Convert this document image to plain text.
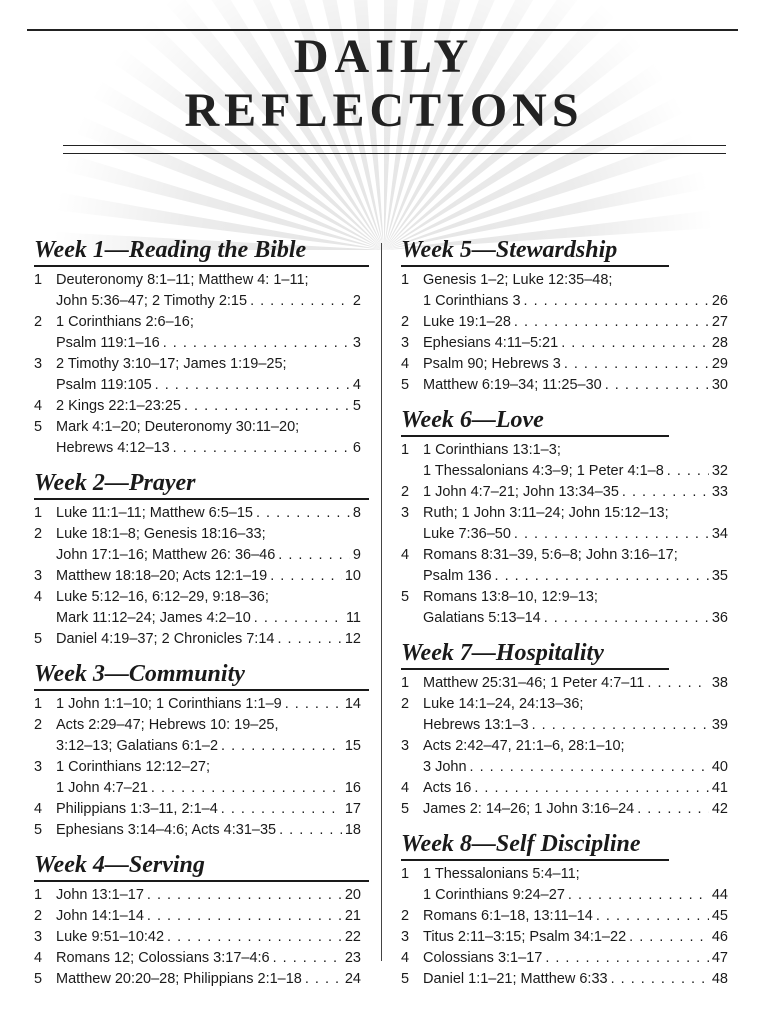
DAILY
REFLECTIONS
Week 1—Reading the Bible
1 Deuteronomy 8:1–11; Matthew 4: 1–11;
John 5:36–47; 2 Timothy 2:15 . . .	2
2 1 Corinthians 2:6–16;
Psalm 119:1–16 . . .	3
3 2 Timothy 3:10–17; James 1:19–25;
Psalm 119:105 . . .	4
4 2 Kings 22:1–23:25 . . .	5
5 Mark 4:1–20; Deuteronomy 30:11–20;
Hebrews 4:12–13 . . .	6
Week 2—Prayer
1 Luke 11:1–11; Matthew 6:5–15 . . .	8
2 Luke 18:1–8; Genesis 18:16–33;
John 17:1–16; Matthew 26: 36–46 . . .	9
3 Matthew 18:18–20; Acts 12:1–19 . . .	10
4 Luke 5:12–16, 6:12–29, 9:18–36;
Mark 11:12–24; James 4:2–10 . . .	11
5 Daniel 4:19–37; 2 Chronicles 7:14 . . .	12
Week 3—Community
1 1 John 1:1–10; 1 Corinthians 1:1–9 . . .	14
2 Acts 2:29–47; Hebrews 10: 19–25,
3:12–13; Galatians 6:1–2 . . .	15
3 1 Corinthians 12:12–27;
1 John 4:7–21 . . .	16
4 Philippians 1:3–11, 2:1–4 . . .	17
5 Ephesians 3:14–4:6; Acts 4:31–35 . . .	18
Week 4—Serving
1 John 13:1–17 . . .	20
2 John 14:1–14 . . .	21
3 Luke 9:51–10:42 . . .	22
4 Romans 12; Colossians 3:17–4:6 . . .	23
5 Matthew 20:20–28; Philippians 2:1–18 . . .	24
Week 5—Stewardship
1 Genesis 1–2; Luke 12:35–48;
1 Corinthians 3 . . .	26
2 Luke 19:1–28 . . .	27
3 Ephesians 4:11–5:21 . . .	28
4 Psalm 90; Hebrews 3 . . .	29
5 Matthew 6:19–34; 11:25–30 . . .	30
Week 6—Love
1 1 Corinthians 13:1–3;
1 Thessalonians 4:3–9; 1 Peter 4:1–8 . . .	32
2 1 John 4:7–21; John 13:34–35 . . .	33
3 Ruth; 1 John 3:11–24; John 15:12–13;
Luke 7:36–50 . . .	34
4 Romans 8:31–39, 5:6–8; John 3:16–17;
Psalm 136 . . .	35
5 Romans 13:8–10, 12:9–13;
Galatians 5:13–14 . . .	36
Week 7—Hospitality
1 Matthew 25:31–46; 1 Peter 4:7–11 . . .	38
2 Luke 14:1–24, 24:13–36;
Hebrews 13:1–3 . . .	39
3 Acts 2:42–47, 21:1–6, 28:1–10;
3 John . . .	40
4 Acts 16 . . .	41
5 James 2: 14–26; 1 John 3:16–24 . . .	42
Week 8—Self Discipline
1 1 Thessalonians 5:4–11;
1 Corinthians 9:24–27 . . .	44
2 Romans 6:1–18, 13:11–14 . . .	45
3 Titus 2:11–3:15; Psalm 34:1–22 . . .	46
4 Colossians 3:1–17 . . .	47
5 Daniel 1:1–21; Matthew 6:33 . . .	48
